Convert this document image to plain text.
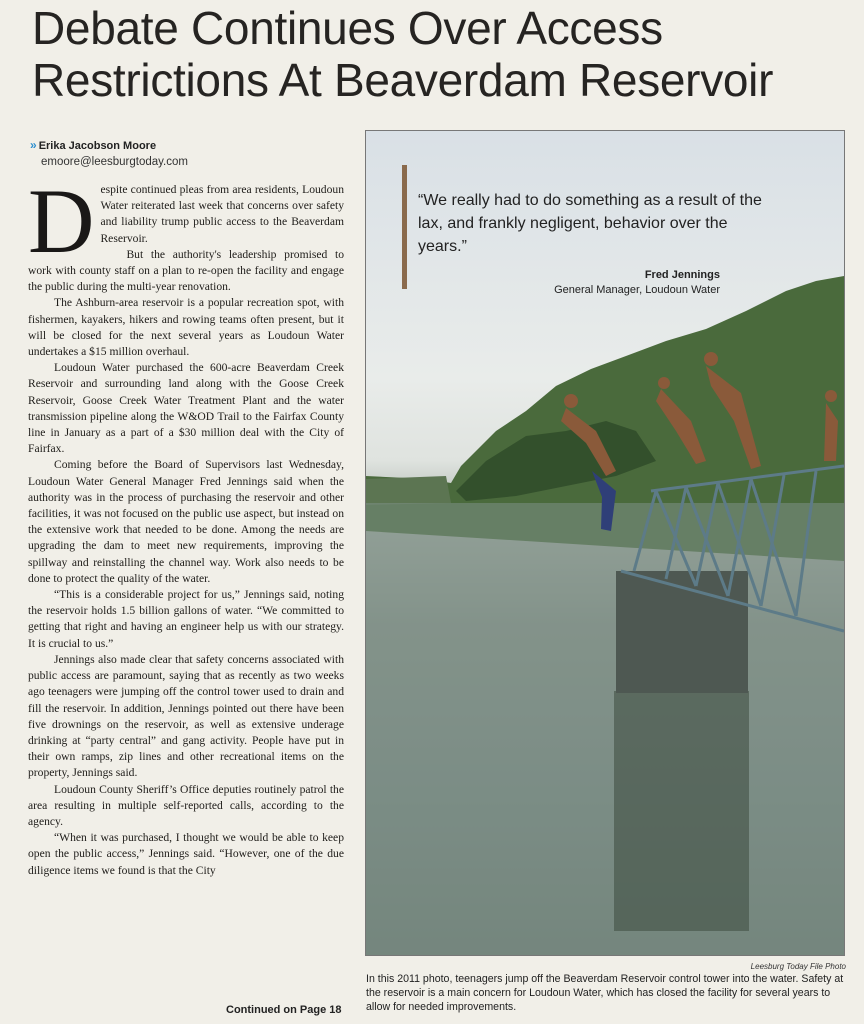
Debate Continues Over Access Restrictions At Beaverdam Reservoir
» Erika Jacobson Moore
emoore@leesburgtoday.com

Despite continued pleas from area residents, Loudoun Water reiterated last week that concerns over safety and liability trump public access to the Beaverdam Reservoir.

But the authority's leadership promised to work with county staff on a plan to re-open the facility and engage the public during the multi-year renovation.

The Ashburn-area reservoir is a popular recreation spot, with fishermen, kayakers, hikers and rowing teams often present, but it will be closed for the next several years as Loudoun Water undertakes a $15 million overhaul.

Loudoun Water purchased the 600-acre Beaverdam Creek Reservoir and surrounding land along with the Goose Creek Reservoir, Goose Creek Water Treatment Plant and the water transmission pipeline along the W&OD Trail to the Fairfax County line in January as a part of a $30 million deal with the City of Fairfax.

Coming before the Board of Supervisors last Wednesday, Loudoun Water General Manager Fred Jennings said when the authority was in the process of purchasing the reservoir and other facilities, it was not focused on the public use aspect, but instead on the extensive work that needed to be done. Among the needs are upgrading the dam to meet new requirements, improving the spillway and reinstalling the channel way. Work also needs to be done to protect the quality of the water.

“This is a considerable project for us,” Jennings said, noting the reservoir holds 1.5 billion gallons of water. “We committed to getting that right and having an engineer help us with our strategy. It is crucial to us.”

Jennings also made clear that safety concerns associated with public access are paramount, saying that as recently as two weeks ago teenagers were jumping off the control tower used to drain and fill the reservoir. In addition, Jennings pointed out there have been five drownings on the reservoir, as well as extensive underage drinking at “party central” and gang activity. People have put in their own ramps, zip lines and other recreational items on the property, Jennings said.

Loudoun County Sheriff’s Office deputies routinely patrol the area resulting in multiple self-reported calls, according to the agency.

“When it was purchased, I thought we would be able to keep open the public access,” Jennings said. “However, one of the due diligence items we found is that the City

Continued on Page 18
“We really had to do something as a result of the lax, and frankly negligent, behavior over the years.”
Fred Jennings
General Manager, Loudoun Water
Leesburg Today File Photo
In this 2011 photo, teenagers jump off the Beaverdam Reservoir control tower into the water. Safety at the reservoir is a main concern for Loudoun Water, which has closed the facility for several years to allow for needed improvements.
